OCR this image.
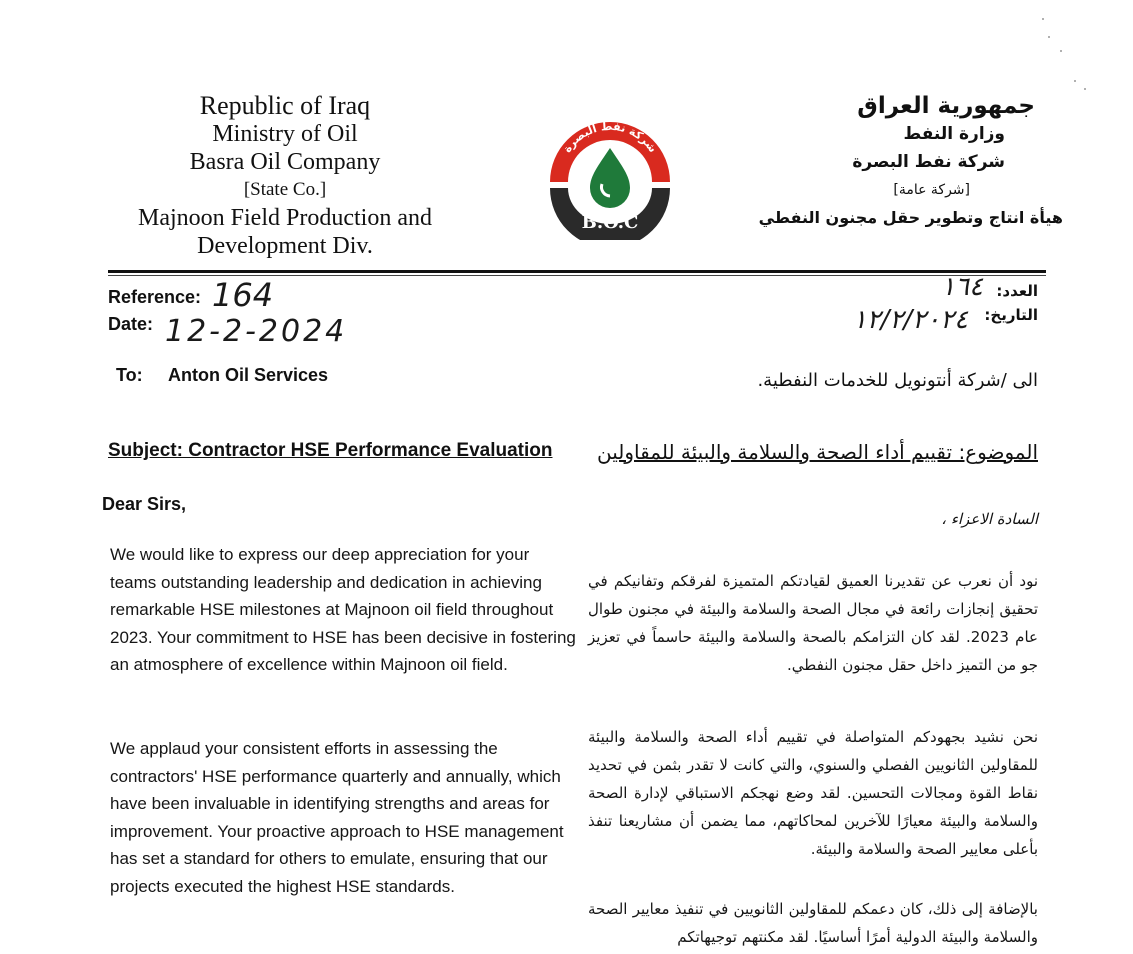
Republic of Iraq
Ministry of Oil
Basra Oil Company
[State Co.]
Majnoon Field Production and
Development Div.
شركة نفط البصرة
B.O.C
جمهورية العراق
وزارة النفط
شركة نفط البصرة
[شركة عامة]
هيأة انتاج وتطوير حقل مجنون النفطي
Reference: 164
Date: 12-2-2024
العدد:
١٦٤
التاريخ:
١٢/٢/٢٠٢٤
To: Anton Oil Services	الى /شركة أنتونويل للخدمات النفطية.
Subject: Contractor HSE Performance Evaluation الموضوع: تقييم أداء الصحة والسلامة والبيئة للمقاولين
Dear Sirs,
السادة الاعزاء ،

We would like to express our deep appreciation for your teams outstanding leadership and dedication in achieving remarkable HSE milestones at Majnoon oil field throughout 2023. Your commitment to HSE has been decisive in fostering an atmosphere of excellence within Majnoon oil field.

We applaud your consistent efforts in assessing the contractors' HSE performance quarterly and annually, which have been invaluable in identifying strengths and areas for improvement. Your proactive approach to HSE management has set a standard for others to emulate, ensuring that our projects executed the highest HSE standards.

نود أن نعرب عن تقديرنا العميق لقيادتكم المتميزة لفرقكم وتفانيكم في تحقيق إنجازات رائعة في مجال الصحة والسلامة والبيئة في مجنون طوال عام 2023. لقد كان التزامكم بالصحة والسلامة والبيئة حاسماً في تعزيز جو من التميز داخل حقل مجنون النفطي.

نحن نشيد بجهودكم المتواصلة في تقييم أداء الصحة والسلامة والبيئة للمقاولين الثانويين الفصلي والسنوي، والتي كانت لا تقدر بثمن في تحديد نقاط القوة ومجالات التحسين. لقد وضع نهجكم الاستباقي لإدارة الصحة والسلامة والبيئة معيارًا للآخرين لمحاكاتهم، مما يضمن أن مشاريعنا تنفذ بأعلى معايير الصحة والسلامة والبيئة.

بالإضافة إلى ذلك، كان دعمكم للمقاولين الثانويين في تنفيذ معايير الصحة والسلامة والبيئة الدولية أمرًا أساسيًا. لقد مكنتهم توجيهاتكم
